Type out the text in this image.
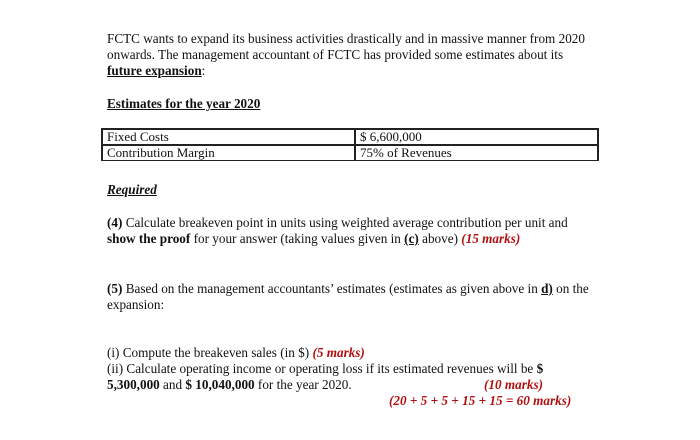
FCTC wants to expand its business activities drastically and in massive manner from 2020 onwards. The management accountant of FCTC has provided some estimates about its future expansion:

Estimates for the year 2020

Fixed Costs	$ 6,600,000
Contribution Margin	75% of Revenues

Required

(4) Calculate breakeven point in units using weighted average contribution per unit and show the proof for your answer (taking values given in (c) above) (15 marks)

(5) Based on the management accountants’ estimates (estimates as given above in d) on the expansion:

(i) Compute the breakeven sales (in $) (5 marks)

(ii) Calculate operating income or operating loss if its estimated revenues will be $ 5,300,000 and $ 10,040,000 for the year 2020.	(10 marks)
(20 + 5 + 5 + 15 + 15 = 60 marks)
